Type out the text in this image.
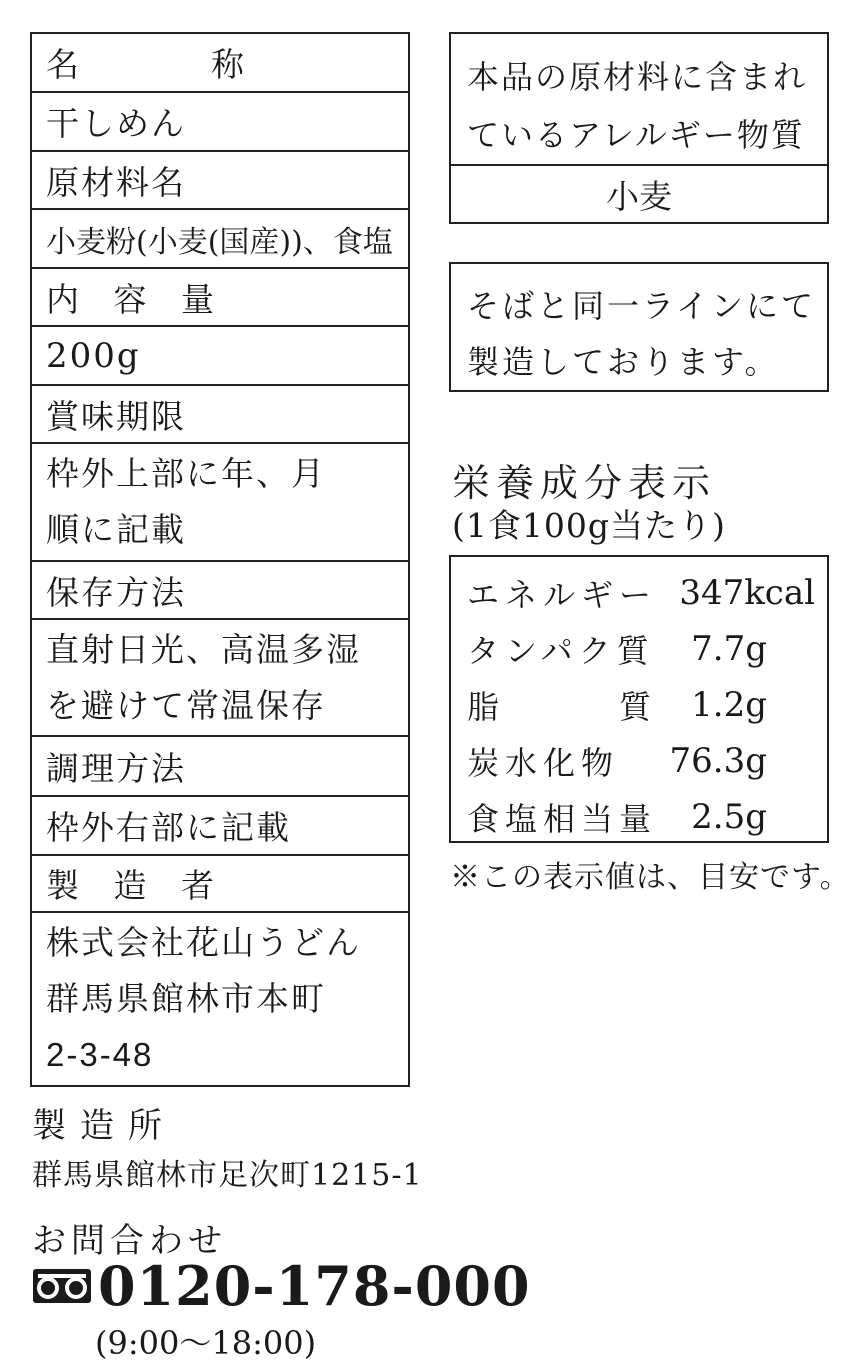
名　　称
干しめん
原材料名
小麦粉(小麦(国産))、食塩
内 容 量
200g
賞味期限
枠外上部に年、月
順に記載
保存方法
直射日光、高温多湿
を避けて常温保存
調理方法
枠外右部に記載
製 造 者
株式会社花山うどん
群馬県館林市本町
2-3-48
本品の原材料に含まれ
ているアレルギー物質
小麦
そばと同一ラインにて
製造しております。
栄養成分表示
(1食100g当たり)
エネルギー 347kcal
タンパク質 7.7g
脂　　　質 1.2g
炭水化物 76.3g
食塩相当量 2.5g
※この表示値は、目安です。
製造所
群馬県館林市足次町1215-1
お問合わせ
0120-178-000
(9:00〜18:00)
